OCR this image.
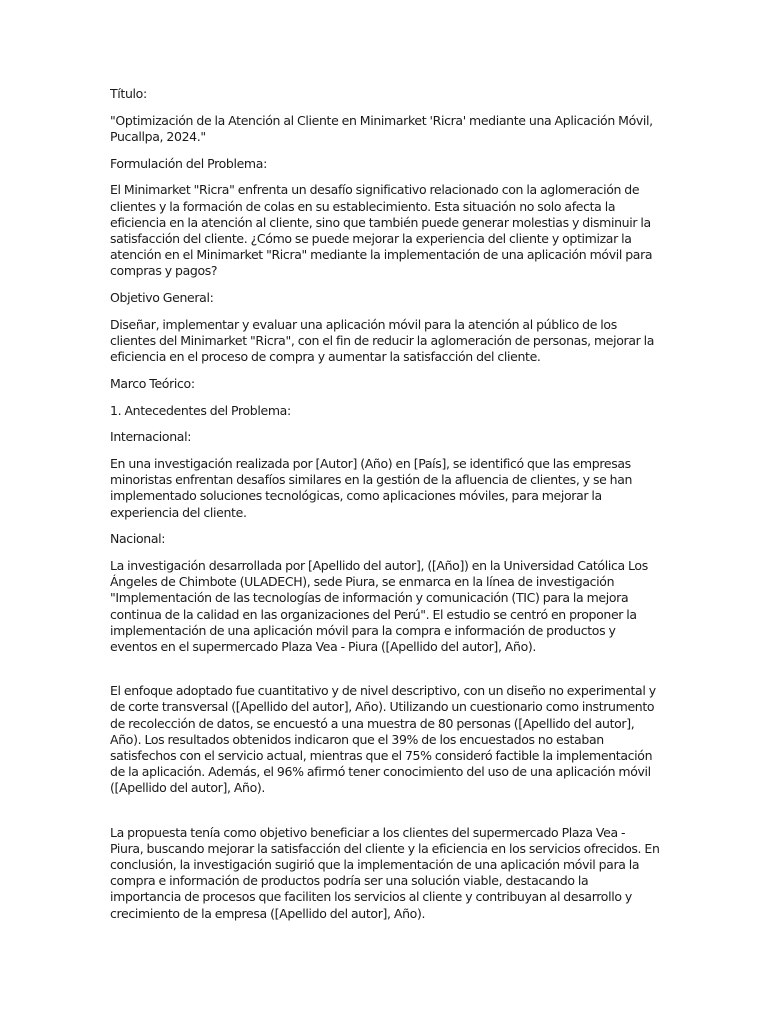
Título:

"Optimización de la Atención al Cliente en Minimarket 'Ricra' mediante una Aplicación Móvil, Pucallpa, 2024."

Formulación del Problema:

El Minimarket "Ricra" enfrenta un desafío significativo relacionado con la aglomeración de clientes y la formación de colas en su establecimiento. Esta situación no solo afecta la eficiencia en la atención al cliente, sino que también puede generar molestias y disminuir la satisfacción del cliente. ¿Cómo se puede mejorar la experiencia del cliente y optimizar la atención en el Minimarket "Ricra" mediante la implementación de una aplicación móvil para compras y pagos?

Objetivo General:

Diseñar, implementar y evaluar una aplicación móvil para la atención al público de los clientes del Minimarket "Ricra", con el fin de reducir la aglomeración de personas, mejorar la eficiencia en el proceso de compra y aumentar la satisfacción del cliente.

Marco Teórico:

1. Antecedentes del Problema:

Internacional:

En una investigación realizada por [Autor] (Año) en [País], se identificó que las empresas minoristas enfrentan desafíos similares en la gestión de la afluencia de clientes, y se han implementado soluciones tecnológicas, como aplicaciones móviles, para mejorar la experiencia del cliente.

Nacional:

La investigación desarrollada por [Apellido del autor], ([Año]) en la Universidad Católica Los Ángeles de Chimbote (ULADECH), sede Piura, se enmarca en la línea de investigación "Implementación de las tecnologías de información y comunicación (TIC) para la mejora continua de la calidad en las organizaciones del Perú". El estudio se centró en proponer la implementación de una aplicación móvil para la compra e información de productos y eventos en el supermercado Plaza Vea - Piura ([Apellido del autor], Año).

El enfoque adoptado fue cuantitativo y de nivel descriptivo, con un diseño no experimental y de corte transversal ([Apellido del autor], Año). Utilizando un cuestionario como instrumento de recolección de datos, se encuestó a una muestra de 80 personas ([Apellido del autor], Año). Los resultados obtenidos indicaron que el 39% de los encuestados no estaban satisfechos con el servicio actual, mientras que el 75% consideró factible la implementación de la aplicación. Además, el 96% afirmó tener conocimiento del uso de una aplicación móvil ([Apellido del autor], Año).

La propuesta tenía como objetivo beneficiar a los clientes del supermercado Plaza Vea - Piura, buscando mejorar la satisfacción del cliente y la eficiencia en los servicios ofrecidos. En conclusión, la investigación sugirió que la implementación de una aplicación móvil para la compra e información de productos podría ser una solución viable, destacando la importancia de procesos que faciliten los servicios al cliente y contribuyan al desarrollo y crecimiento de la empresa ([Apellido del autor], Año).
